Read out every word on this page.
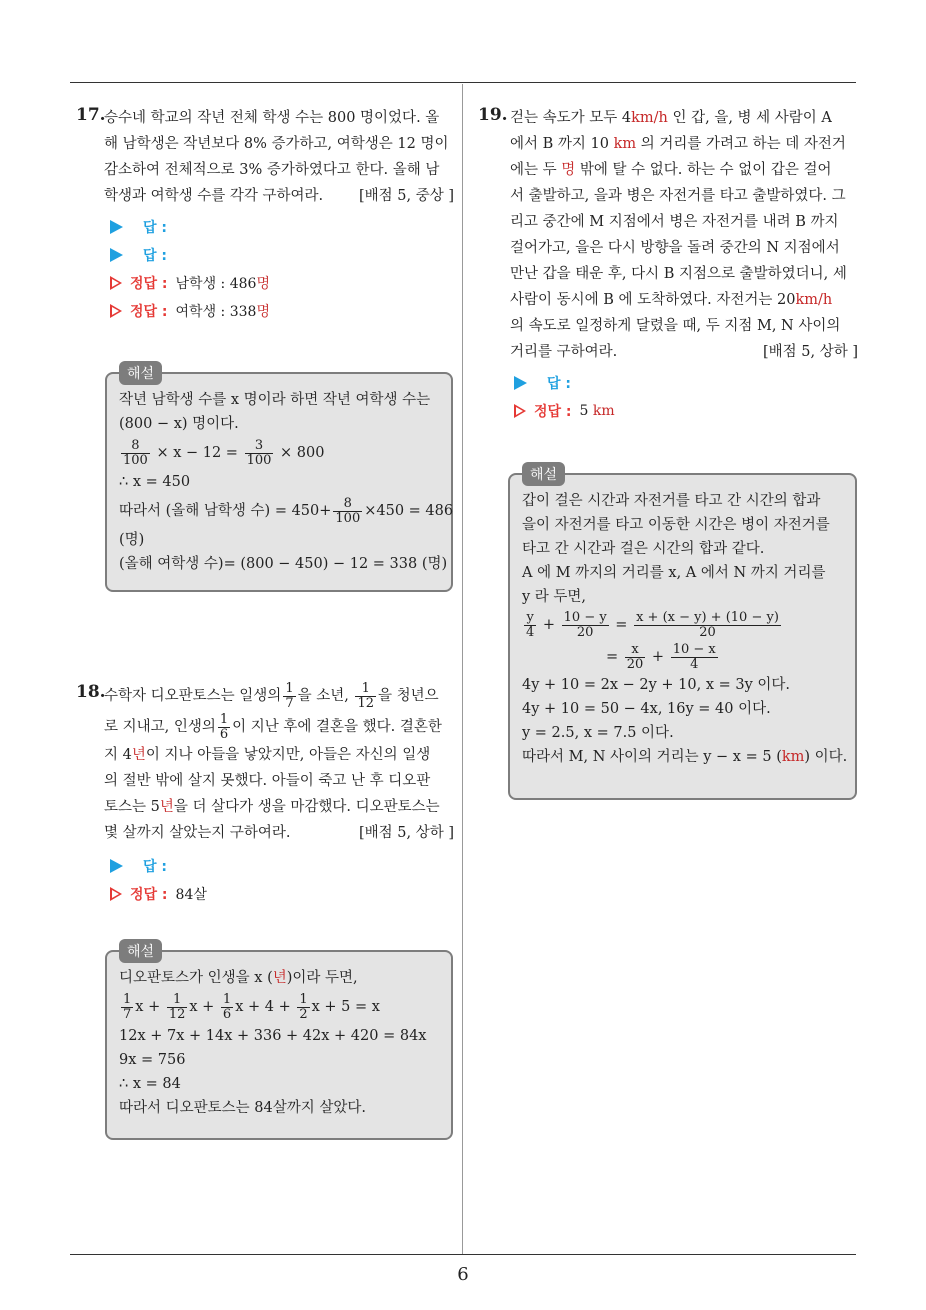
6
17.
승수네 학교의 작년 전체 학생 수는 800 명이었다. 올
해 남학생은 작년보다 8% 증가하고, 여학생은 12 명이
감소하여 전체적으로 3% 증가하였다고 한다. 올해 남
학생과 여학생 수를 각각 구하여라. [배점 5, 중상 ]
답 :
답 :
정답 : 남학생 : 486 명
정답 : 여학생 : 338 명
해설
작년 남학생 수를 x 명이라 하면 작년 여학생 수는
(800 − x) 명이다.
$\frac{8}{100} \times x - 12 = \frac{3}{100} \times 800$
∴ x = 450
따라서 (올해 남학생 수) = $450+ \frac{8}{100} \times 450 = 486$
(명)
(올해 여학생 수)= (800 − 450) − 12 = 338 (명)
18.
수학자 디오판토스는 일생의 $\frac{1}{7}$ 을 소년, $\frac{1}{12}$ 을 청년으
로 지내고, 인생의 $\frac{1}{6}$ 이 지난 후에 결혼을 했다. 결혼한
지 4년이 지나 아들을 낳았지만, 아들은 자신의 일생
의 절반 밖에 살지 못했다. 아들이 죽고 난 후 디오판
토스는 5년을 더 살다가 생을 마감했다. 디오판토스는
몇 살까지 살았는지 구하여라.	[배점 5, 상하 ]
답 :
정답 : 84살
해설
디오판토스가 인생을 x (년)이라 두면,
$\frac{1}{7}$ $x + \frac{1}{12}$ $x + \frac{1}{6}$ $x + 4 + \frac{1}{2}$ x + 5 = x
12x + 7x + 14x + 336 + 42x + 420 = 84x
9x = 756
∴ x = 84
따라서 디오판토스는 84살까지 살았다.
19. 걷는 속도가 모두 4km/h 인 갑, 을, 병 세 사람이 A
에서 B 까지 10 km 의 거리를 가려고 하는 데 자전거
에는 두 명 밖에 탈 수 없다. 하는 수 없이 갑은 걸어
서 출발하고, 을과 병은 자전거를 타고 출발하였다. 그
리고 중간에 M 지점에서 병은 자전거를 내려 B 까지
걸어가고, 을은 다시 방향을 돌려 중간의 N 지점에서
만난 갑을 태운 후, 다시 B 지점으로 출발하였더니, 세
사람이 동시에 B 에 도착하였다. 자전거는 20km/h
의 속도로 일정하게 달렸을 때, 두 지점 M, N 사이의
거리를 구하여라.	[배점 5, 상하 ]
답 :
정답 : 5
km
해설
갑이 걸은 시간과 자전거를 타고 간 시간의 합과
을이 자전거를 타고 이동한 시간은 병이 자전거를
타고 간 시간과 걸은 시간의 합과 같다.
A 에 M 까지의 거리를 x, A 에서 N 까지 거리를
y 라 두면,
$\frac{y}{4} + \frac{10 - y}{20} = \frac{x + (x - y) + (10 - y)}{20}$
= $\frac{x}{20} + \frac{10 - x}{4}$
4y + 10 = 2x − 2y + 10, x = 3y 이다.
4y + 10 = 50 − 4x, 16y = 40 이다.
y = 2.5, x = 7.5 이다.
따라서 M, N 사이의 거리는 y − x = 5 (km) 이다.
